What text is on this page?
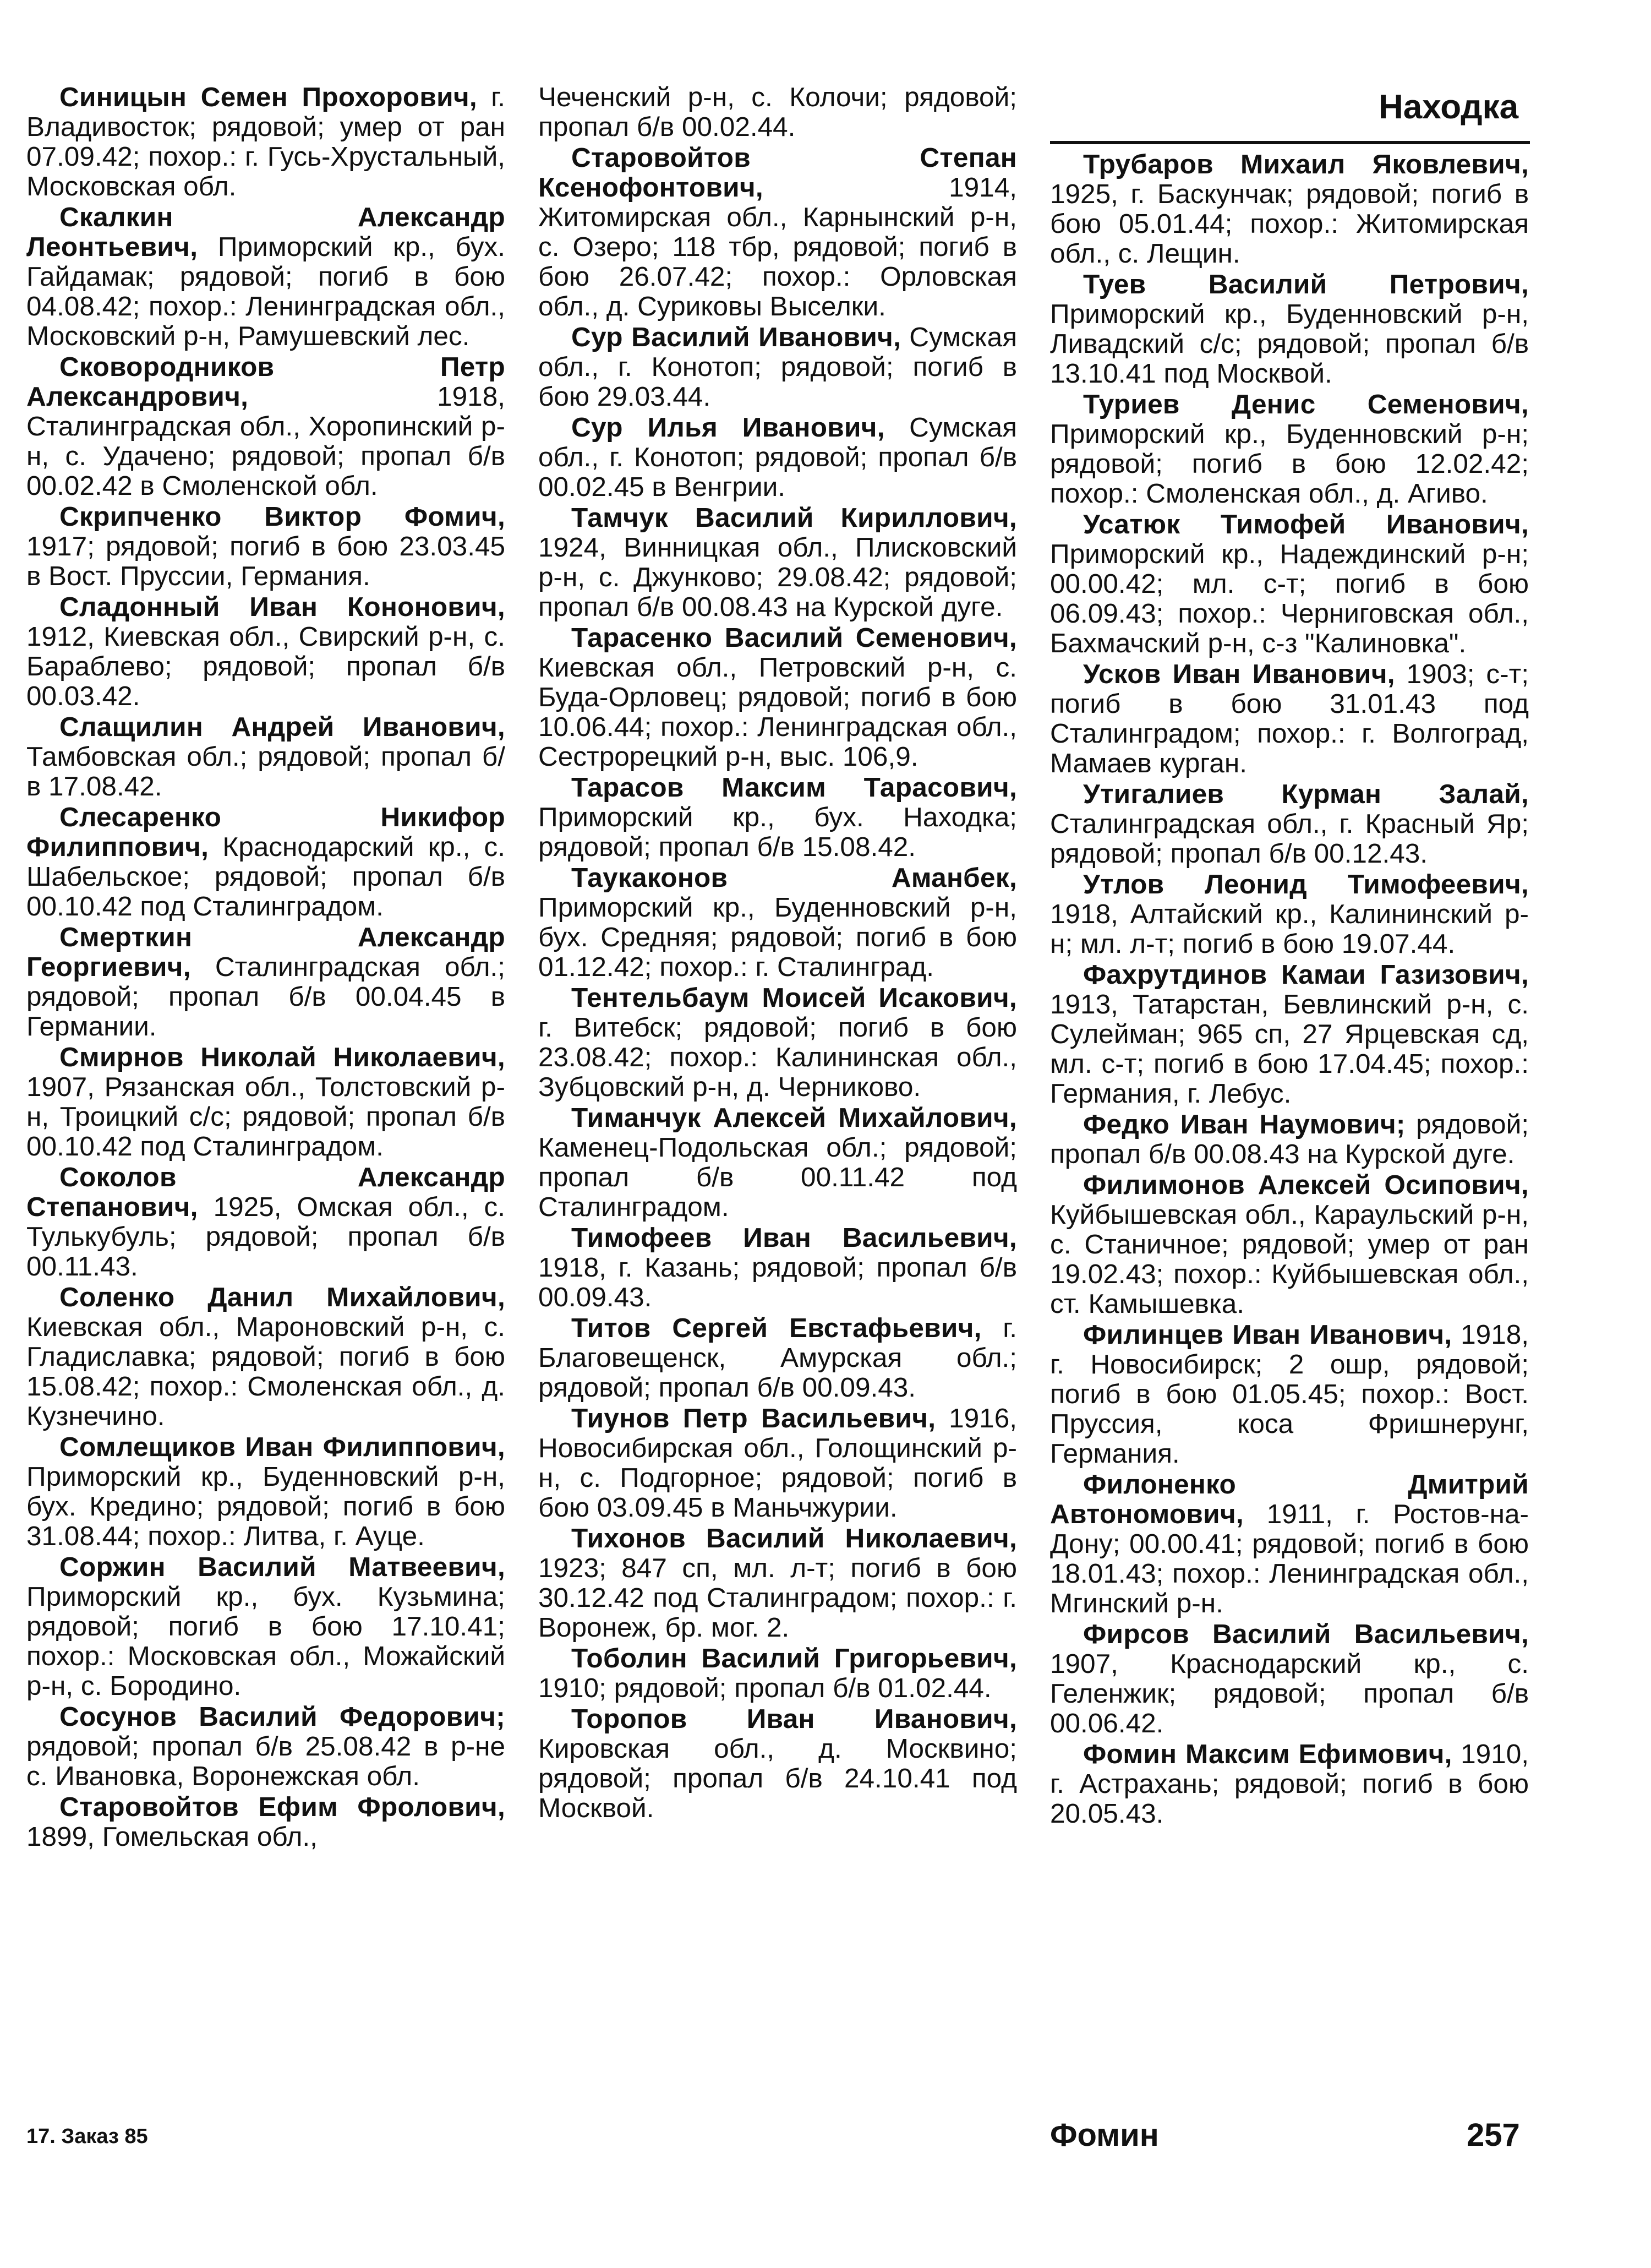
Находка

Синицын Семен Прохорович, г. Владивосток; рядовой; умер от ран 07.09.42; похор.: г. Гусь-Хрустальный, Московская обл.

Скалкин Александр Леонтьевич, Приморский кр., бух. Гайдамак; рядовой; погиб в бою 04.08.42; похор.: Ленинградская обл., Московский р-н, Рамушевский лес.

Сковородников Петр Александрович, 1918, Сталинградская обл., Хоропинский р-н, с. Удачено; рядовой; пропал б/в 00.02.42 в Смоленской обл.

Скрипченко Виктор Фомич, 1917; рядовой; погиб в бою 23.03.45 в Вост. Пруссии, Германия.

Сладонный Иван Кононович, 1912, Киевская обл., Свирский р-н, с. Бараблево; рядовой; пропал б/в 00.03.42.

Слащилин Андрей Иванович, Тамбовская обл.; рядовой; пропал б/в 17.08.42.

Слесаренко Никифор Филиппович, Краснодарский кр., с. Шабельское; рядовой; пропал б/в 00.10.42 под Сталинградом.

Смерткин Александр Георгиевич, Сталинградская обл.; рядовой; пропал б/в 00.04.45 в Германии.

Смирнов Николай Николаевич, 1907, Рязанская обл., Толстовский р-н, Троицкий с/с; рядовой; пропал б/в 00.10.42 под Сталинградом.

Соколов Александр Степанович, 1925, Омская обл., с. Тулькубуль; рядовой; пропал б/в 00.11.43.

Соленко Данил Михайлович, Киевская обл., Мароновский р-н, с. Гладиславка; рядовой; погиб в бою 15.08.42; похор.: Смоленская обл., д. Кузнечино.

Сомлещиков Иван Филиппович, Приморский кр., Буденновский р-н, бух. Кредино; рядовой; погиб в бою 31.08.44; похор.: Литва, г. Ауце.

Соржин Василий Матвеевич, Приморский кр., бух. Кузьмина; рядовой; погиб в бою 17.10.41; похор.: Московская обл., Можайский р-н, с. Бородино.

Сосунов Василий Федорович; рядовой; пропал б/в 25.08.42 в р-не с. Ивановка, Воронежская обл.

Старовойтов Ефим Фролович, 1899, Гомельская обл.,

Чеченский р-н, с. Колочи; рядовой; пропал б/в 00.02.44.

Старовойтов Степан Ксенофонтович, 1914, Житомирская обл., Карнынский р-н, с. Озеро; 118 тбр, рядовой; погиб в бою 26.07.42; похор.: Орловская обл., д. Суриковы Выселки.

Сур Василий Иванович, Сумская обл., г. Конотоп; рядовой; погиб в бою 29.03.44.

Сур Илья Иванович, Сумская обл., г. Конотоп; рядовой; пропал б/в 00.02.45 в Венгрии.

Тамчук Василий Кириллович, 1924, Винницкая обл., Плисковский р-н, с. Джунково; 29.08.42; рядовой; пропал б/в 00.08.43 на Курской дуге.

Тарасенко Василий Семенович, Киевская обл., Петровский р-н, с. Буда-Орловец; рядовой; погиб в бою 10.06.44; похор.: Ленинградская обл., Сестрорецкий р-н, выс. 106,9.

Тарасов Максим Тарасович, Приморский кр., бух. Находка; рядовой; пропал б/в 15.08.42.

Таукаконов Аманбек, Приморский кр., Буденновский р-н, бух. Средняя; рядовой; погиб в бою 01.12.42; похор.: г. Сталинград.

Тентельбаум Моисей Исакович, г. Витебск; рядовой; погиб в бою 23.08.42; похор.: Калининская обл., Зубцовский р-н, д. Черниково.

Тиманчук Алексей Михайлович, Каменец-Подольская обл.; рядовой; пропал б/в 00.11.42 под Сталинградом.

Тимофеев Иван Васильевич, 1918, г. Казань; рядовой; пропал б/в 00.09.43.

Титов Сергей Евстафьевич, г. Благовещенск, Амурская обл.; рядовой; пропал б/в 00.09.43.

Тиунов Петр Васильевич, 1916, Новосибирская обл., Голощинский р-н, с. Подгорное; рядовой; погиб в бою 03.09.45 в Маньчжурии.

Тихонов Василий Николаевич, 1923; 847 сп, мл. л-т; погиб в бою 30.12.42 под Сталинградом; похор.: г. Воронеж, бр. мог. 2.

Тоболин Василий Григорьевич, 1910; рядовой; пропал б/в 01.02.44.

Торопов Иван Иванович, Кировская обл., д. Москвино; рядовой; пропал б/в 24.10.41 под Москвой.

Трубаров Михаил Яковлевич, 1925, г. Баскунчак; рядовой; погиб в бою 05.01.44; похор.: Житомирская обл., с. Лещин.

Туев Василий Петрович, Приморский кр., Буденновский р-н, Ливадский с/с; рядовой; пропал б/в 13.10.41 под Москвой.

Туриев Денис Семенович, Приморский кр., Буденновский р-н; рядовой; погиб в бою 12.02.42; похор.: Смоленская обл., д. Агиво.

Усатюк Тимофей Иванович, Приморский кр., Надеждинский р-н; 00.00.42; мл. с-т; погиб в бою 06.09.43; похор.: Черниговская обл., Бахмачский р-н, с-з "Калиновка".

Усков Иван Иванович, 1903; с-т; погиб в бою 31.01.43 под Сталинградом; похор.: г. Волгоград, Мамаев курган.

Утигалиев Курман Залай, Сталинградская обл., г. Красный Яр; рядовой; пропал б/в 00.12.43.

Утлов Леонид Тимофеевич, 1918, Алтайский кр., Калининский р-н; мл. л-т; погиб в бою 19.07.44.

Фахрутдинов Камаи Газизович, 1913, Татарстан, Бевлинский р-н, с. Сулейман; 965 сп, 27 Ярцевская сд, мл. с-т; погиб в бою 17.04.45; похор.: Германия, г. Лебус.

Федко Иван Наумович; рядовой; пропал б/в 00.08.43 на Курской дуге.

Филимонов Алексей Осипович, Куйбышевская обл., Караульский р-н, с. Станичное; рядовой; умер от ран 19.02.43; похор.: Куйбышевская обл., ст. Камышевка.

Филинцев Иван Иванович, 1918, г. Новосибирск; 2 ошр, рядовой; погиб в бою 01.05.45; похор.: Вост. Пруссия, коса Фришнерунг, Германия.

Филоненко Дмитрий Автономович, 1911, г. Ростов-на-Дону; 00.00.41; рядовой; погиб в бою 18.01.43; похор.: Ленинградская обл., Мгинский р-н.

Фирсов Василий Васильевич, 1907, Краснодарский кр., с. Геленжик; рядовой; пропал б/в 00.06.42.

Фомин Максим Ефимович, 1910, г. Астрахань; рядовой; погиб в бою 20.05.43.

17. Заказ 85	Фомин	257
